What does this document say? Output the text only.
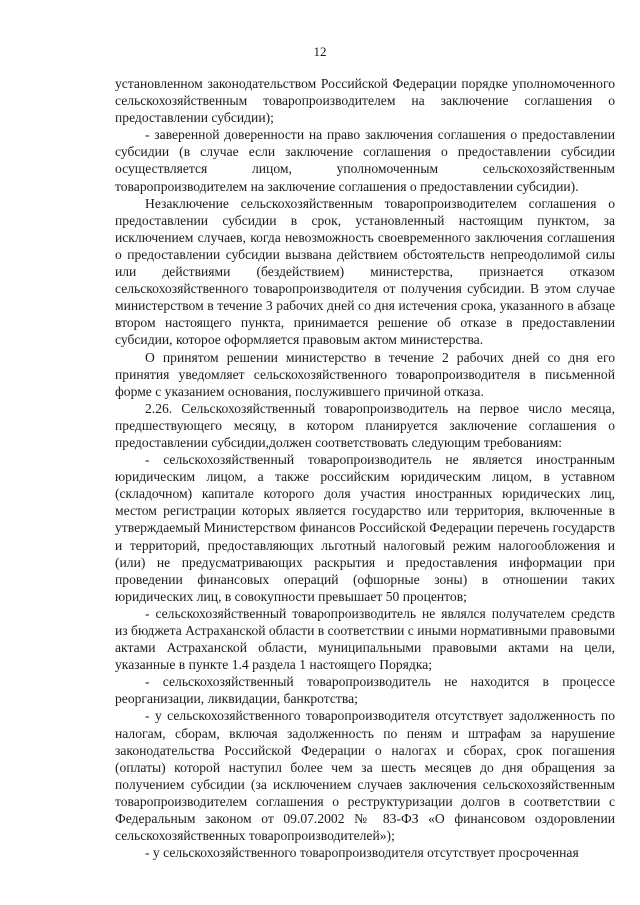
12

установленном законодательством Российской Федерации порядке уполномоченного сельскохозяйственным товаропроизводителем на заключение соглашения о предоставлении субсидии);

- заверенной доверенности на право заключения соглашения о предоставлении субсидии (в случае если заключение соглашения о предоставлении субсидии осуществляется лицом, уполномоченным сельскохозяйственным товаропроизводителем на заключение соглашения о предоставлении субсидии).

Незаключение сельскохозяйственным товаропроизводителем соглашения о предоставлении субсидии в срок, установленный настоящим пунктом, за исключением случаев, когда невозможность своевременного заключения соглашения о предоставлении субсидии вызвана действием обстоятельств непреодолимой силы или действиями (бездействием) министерства, признается отказом сельскохозяйственного товаропроизводителя от получения субсидии. В этом случае министерством в течение 3 рабочих дней со дня истечения срока, указанного в абзаце втором настоящего пункта, принимается решение об отказе в предоставлении субсидии, которое оформляется правовым актом министерства.

О принятом решении министерство в течение 2 рабочих дней со дня его принятия уведомляет сельскохозяйственного товаропроизводителя в письменной форме с указанием основания, послужившего причиной отказа.

2.26. Сельскохозяйственный товаропроизводитель на первое число месяца, предшествующего месяцу, в котором планируется заключение соглашения о предоставлении субсидии,должен соответствовать следующим требованиям:

- сельскохозяйственный товаропроизводитель не является иностранным юридическим лицом, а также российским юридическим лицом, в уставном (складочном) капитале которого доля участия иностранных юридических лиц, местом регистрации которых является государство или территория, включенные в утверждаемый Министерством финансов Российской Федерации перечень государств и территорий, предоставляющих льготный налоговый режим налогообложения и (или) не предусматривающих раскрытия и предоставления информации при проведении финансовых операций (офшорные зоны) в отношении таких юридических лиц, в совокупности превышает 50 процентов;

- сельскохозяйственный товаропроизводитель не являлся получателем средств из бюджета Астраханской области в соответствии с иными нормативными правовыми актами Астраханской области, муниципальными правовыми актами на цели, указанные в пункте 1.4 раздела 1 настоящего Порядка;

- сельскохозяйственный товаропроизводитель не находится в процессе реорганизации, ликвидации, банкротства;

- у сельскохозяйственного товаропроизводителя отсутствует задолженность по налогам, сборам, включая задолженность по пеням и штрафам за нарушение законодательства Российской Федерации о налогах и сборах, срок погашения (оплаты) которой наступил более чем за шесть месяцев до дня обращения за получением субсидии (за исключением случаев заключения сельскохозяйственным товаропроизводителем соглашения о реструктуризации долгов в соответствии с Федеральным законом от 09.07.2002 № 83-ФЗ «О финансовом оздоровлении сельскохозяйственных товаропроизводителей»);

- у сельскохозяйственного товаропроизводителя отсутствует просроченная
